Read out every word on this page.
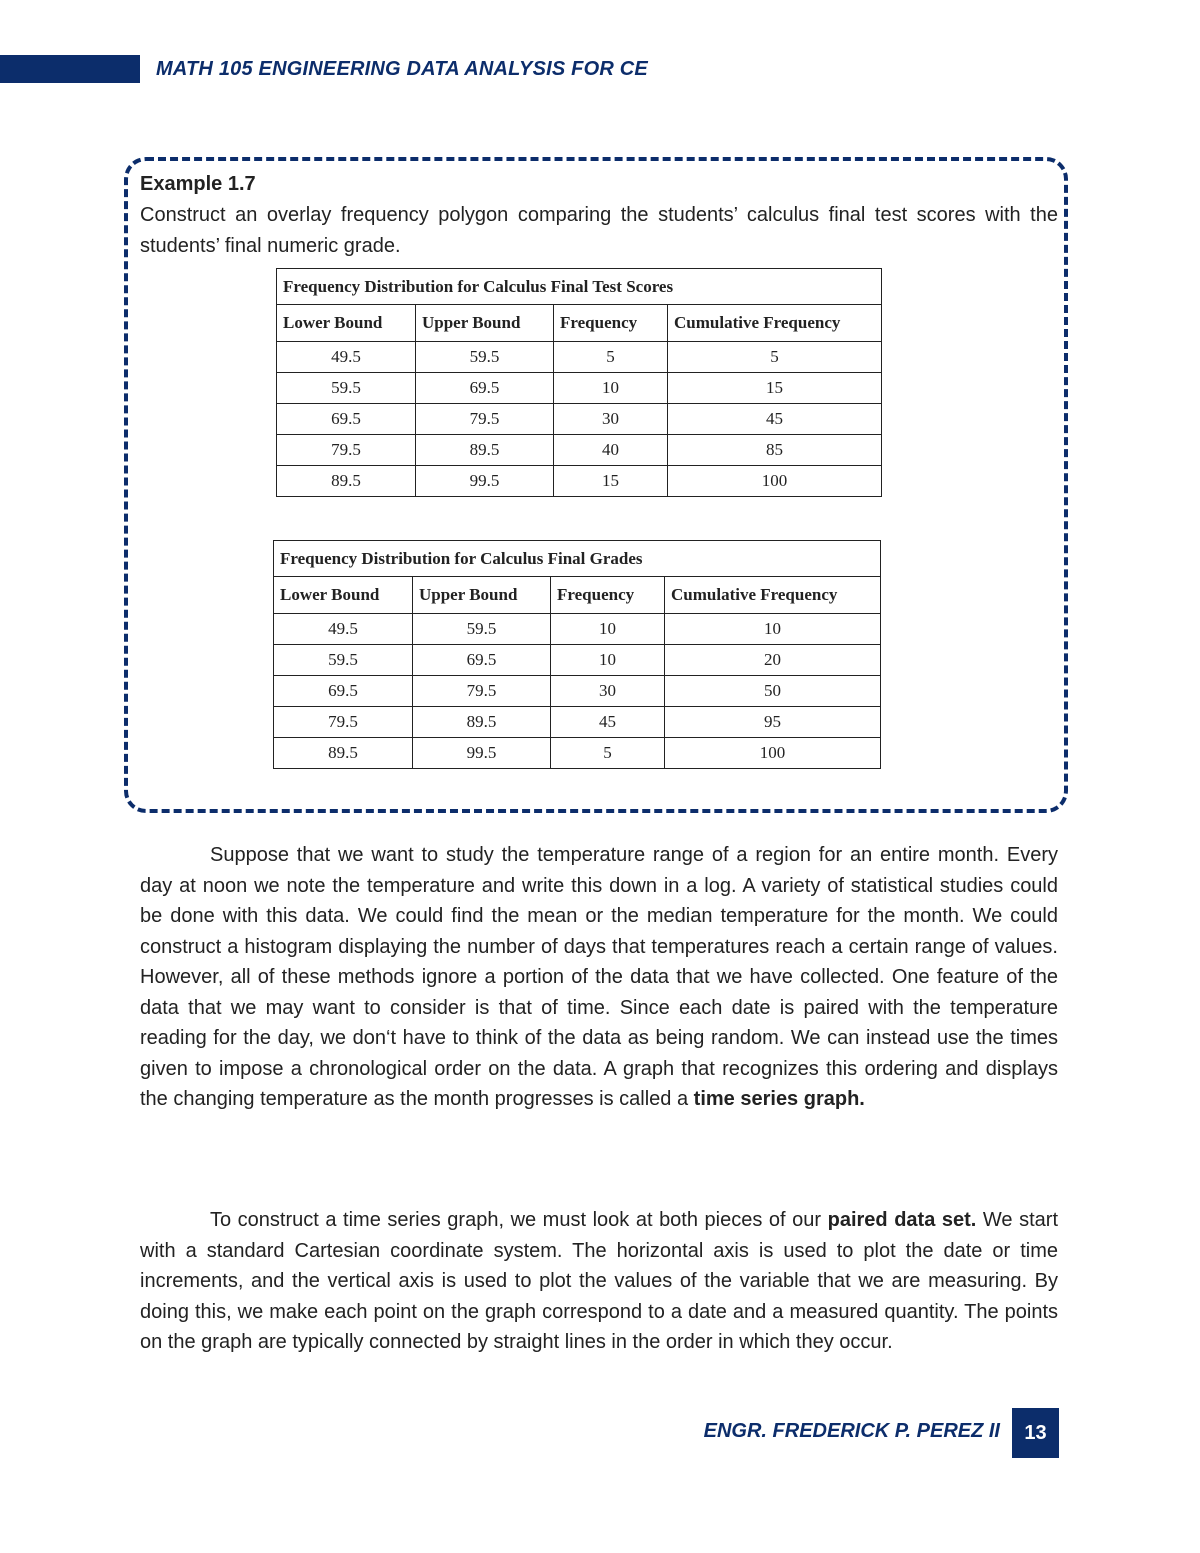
MATH 105 ENGINEERING DATA ANALYSIS FOR CE
Example 1.7
Construct an overlay frequency polygon comparing the students’ calculus final test scores with the students’ final numeric grade.
Frequency Distribution for Calculus Final Test Scores			
Lower Bound	Upper Bound	Frequency	Cumulative Frequency
49.5	59.5	5	5
59.5	69.5	10	15
69.5	79.5	30	45
79.5	89.5	40	85
89.5	99.5	15	100
Frequency Distribution for Calculus Final Grades			
Lower Bound	Upper Bound	Frequency	Cumulative Frequency
49.5	59.5	10	10
59.5	69.5	10	20
69.5	79.5	30	50
79.5	89.5	45	95
89.5	99.5	5	100
Suppose that we want to study the temperature range of a region for an entire month. Every day at noon we note the temperature and write this down in a log. A variety of statistical studies could be done with this data. We could find the mean or the median temperature for the month. We could construct a histogram displaying the number of days that temperatures reach a certain range of values. However, all of these methods ignore a portion of the data that we have collected. One feature of the data that we may want to consider is that of time. Since each date is paired with the temperature reading for the day, we don‘t have to think of the data as being random. We can instead use the times given to impose a chronological order on the data. A graph that recognizes this ordering and displays the changing temperature as the month progresses is called a time series graph.
To construct a time series graph, we must look at both pieces of our paired data set. We start with a standard Cartesian coordinate system. The horizontal axis is used to plot the date or time increments, and the vertical axis is used to plot the values of the variable that we are measuring. By doing this, we make each point on the graph correspond to a date and a measured quantity. The points on the graph are typically connected by straight lines in the order in which they occur.
ENGR. FREDERICK P. PEREZ II	13
